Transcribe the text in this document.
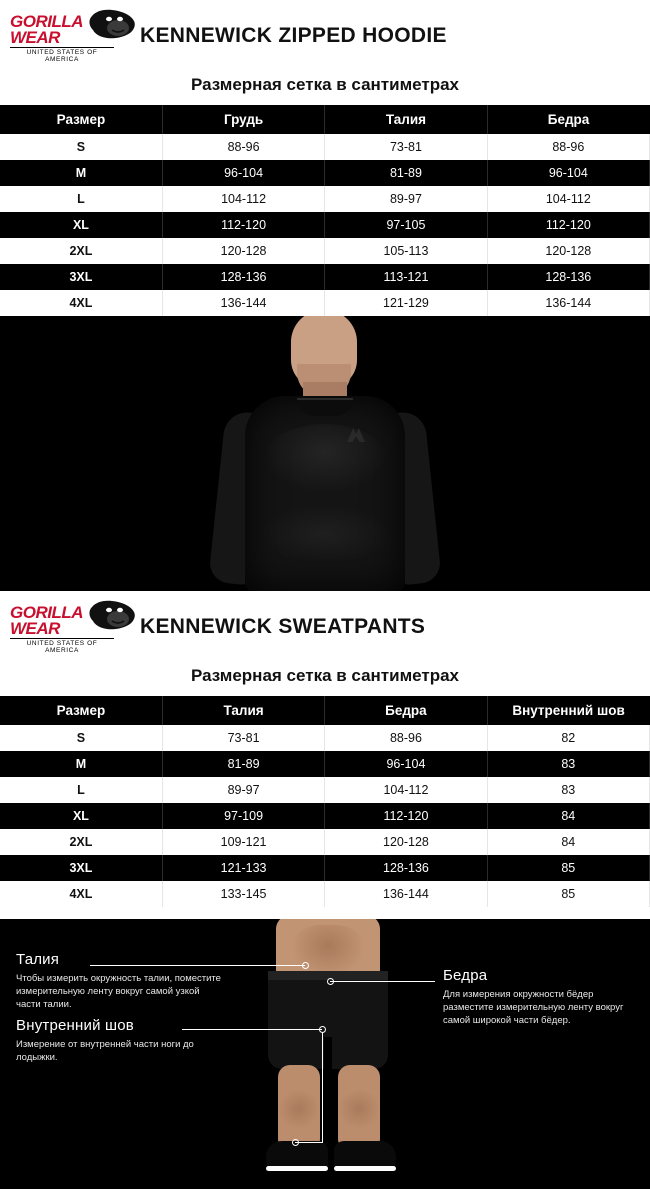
GORILLA
WEAR
UNITED STATES OF AMERICA
KENNEWICK ZIPPED HOODIE
Размерная сетка в сантиметрах
Размер	Грудь	Талия	Бедра
S	88-96	73-81	88-96
M	96-104	81-89	96-104
L	104-112	89-97	104-112
XL	112-120	97-105	112-120
2XL	120-128	105-113	120-128
3XL	128-136	113-121	128-136
4XL	136-144	121-129	136-144
GORILLA
WEAR
UNITED STATES OF AMERICA
KENNEWICK SWEATPANTS
Размерная сетка в сантиметрах
Размер	Талия	Бедра	Внутренний шов
S	73-81	88-96	82
M	81-89	96-104	83
L	89-97	104-112	83
XL	97-109	112-120	84
2XL	109-121	120-128	84
3XL	121-133	128-136	85
4XL	133-145	136-144	85
Талия
Чтобы измерить окружность талии, поместите измерительную ленту вокруг самой узкой части талии.
Бедра
Для измерения окружности бёдер разместите измерительную ленту вокруг самой широкой части бёдер.
Внутренний шов
Измерение от внутренней части ноги до лодыжки.
